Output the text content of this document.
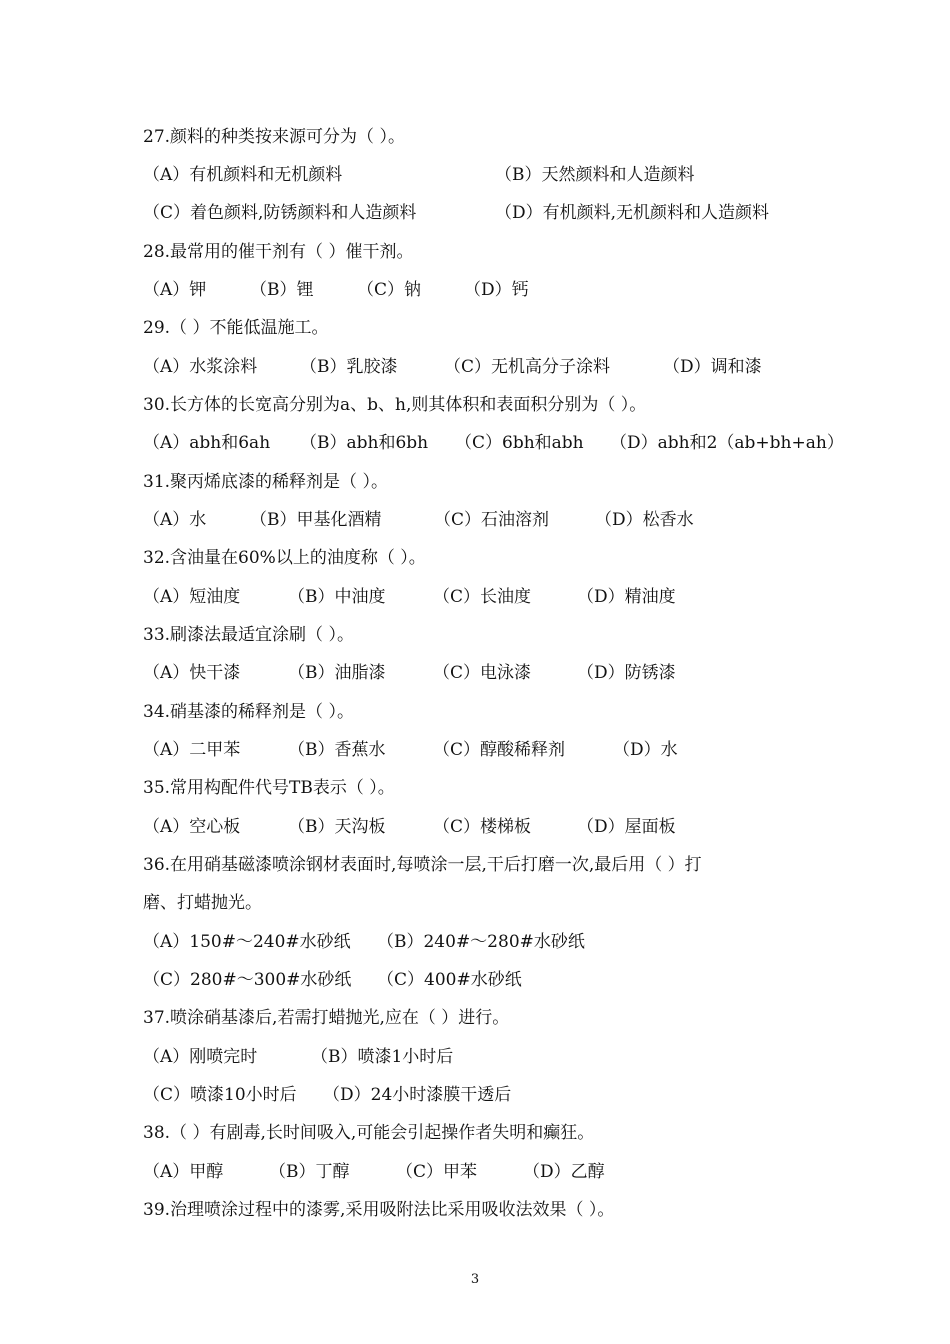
27.颜料的种类按来源可分为（ ）。
（A）有机颜料和无机颜料	（B）天然颜料和人造颜料
（C）着色颜料,防锈颜料和人造颜料	（D）有机颜料,无机颜料和人造颜料
28.最常用的催干剂有（ ）催干剂。
（A）钾	（B）锂	（C）钠	（D）钙
29.（ ）不能低温施工。
（A）水浆涂料	（B）乳胶漆	（C）无机高分子涂料	（D）调和漆
30.长方体的长宽高分别为a、b、h,则其体积和表面积分别为（ ）。
（A）abh和6ah （B）abh和6bh （C）6bh和abh （D）abh和2（ab+bh+ah）
31.聚丙烯底漆的稀释剂是（ ）。
（A）水	（B）甲基化酒精	（C）石油溶剂	（D）松香水
32.含油量在60%以上的油度称（ ）。
（A）短油度	（B）中油度	（C）长油度	（D）精油度
33.刷漆法最适宜涂刷（ ）。
（A）快干漆	（B）油脂漆	（C）电泳漆	（D）防锈漆
34.硝基漆的稀释剂是（ ）。
（A）二甲苯	（B）香蕉水	（C）醇酸稀释剂	（D）水
35.常用构配件代号TB表示（ ）。
（A）空心板	（B）天沟板	（C）楼梯板	（D）屋面板
36.在用硝基磁漆喷涂钢材表面时,每喷涂一层,干后打磨一次,最后用（ ）打
磨、打蜡抛光。
（A）150#～240#水砂纸 （B）240#～280#水砂纸
（C）280#～300#水砂纸 （C）400#水砂纸
37.喷涂硝基漆后,若需打蜡抛光,应在（ ）进行。
（A）刚喷完时	（B）喷漆1小时后
（C）喷漆10小时后 （D）24小时漆膜干透后
38.（ ）有剧毒,长时间吸入,可能会引起操作者失明和癫狂。
（A）甲醇	（B）丁醇	（C）甲苯	（D）乙醇
39.治理喷涂过程中的漆雾,采用吸附法比采用吸收法效果（ ）。
3
